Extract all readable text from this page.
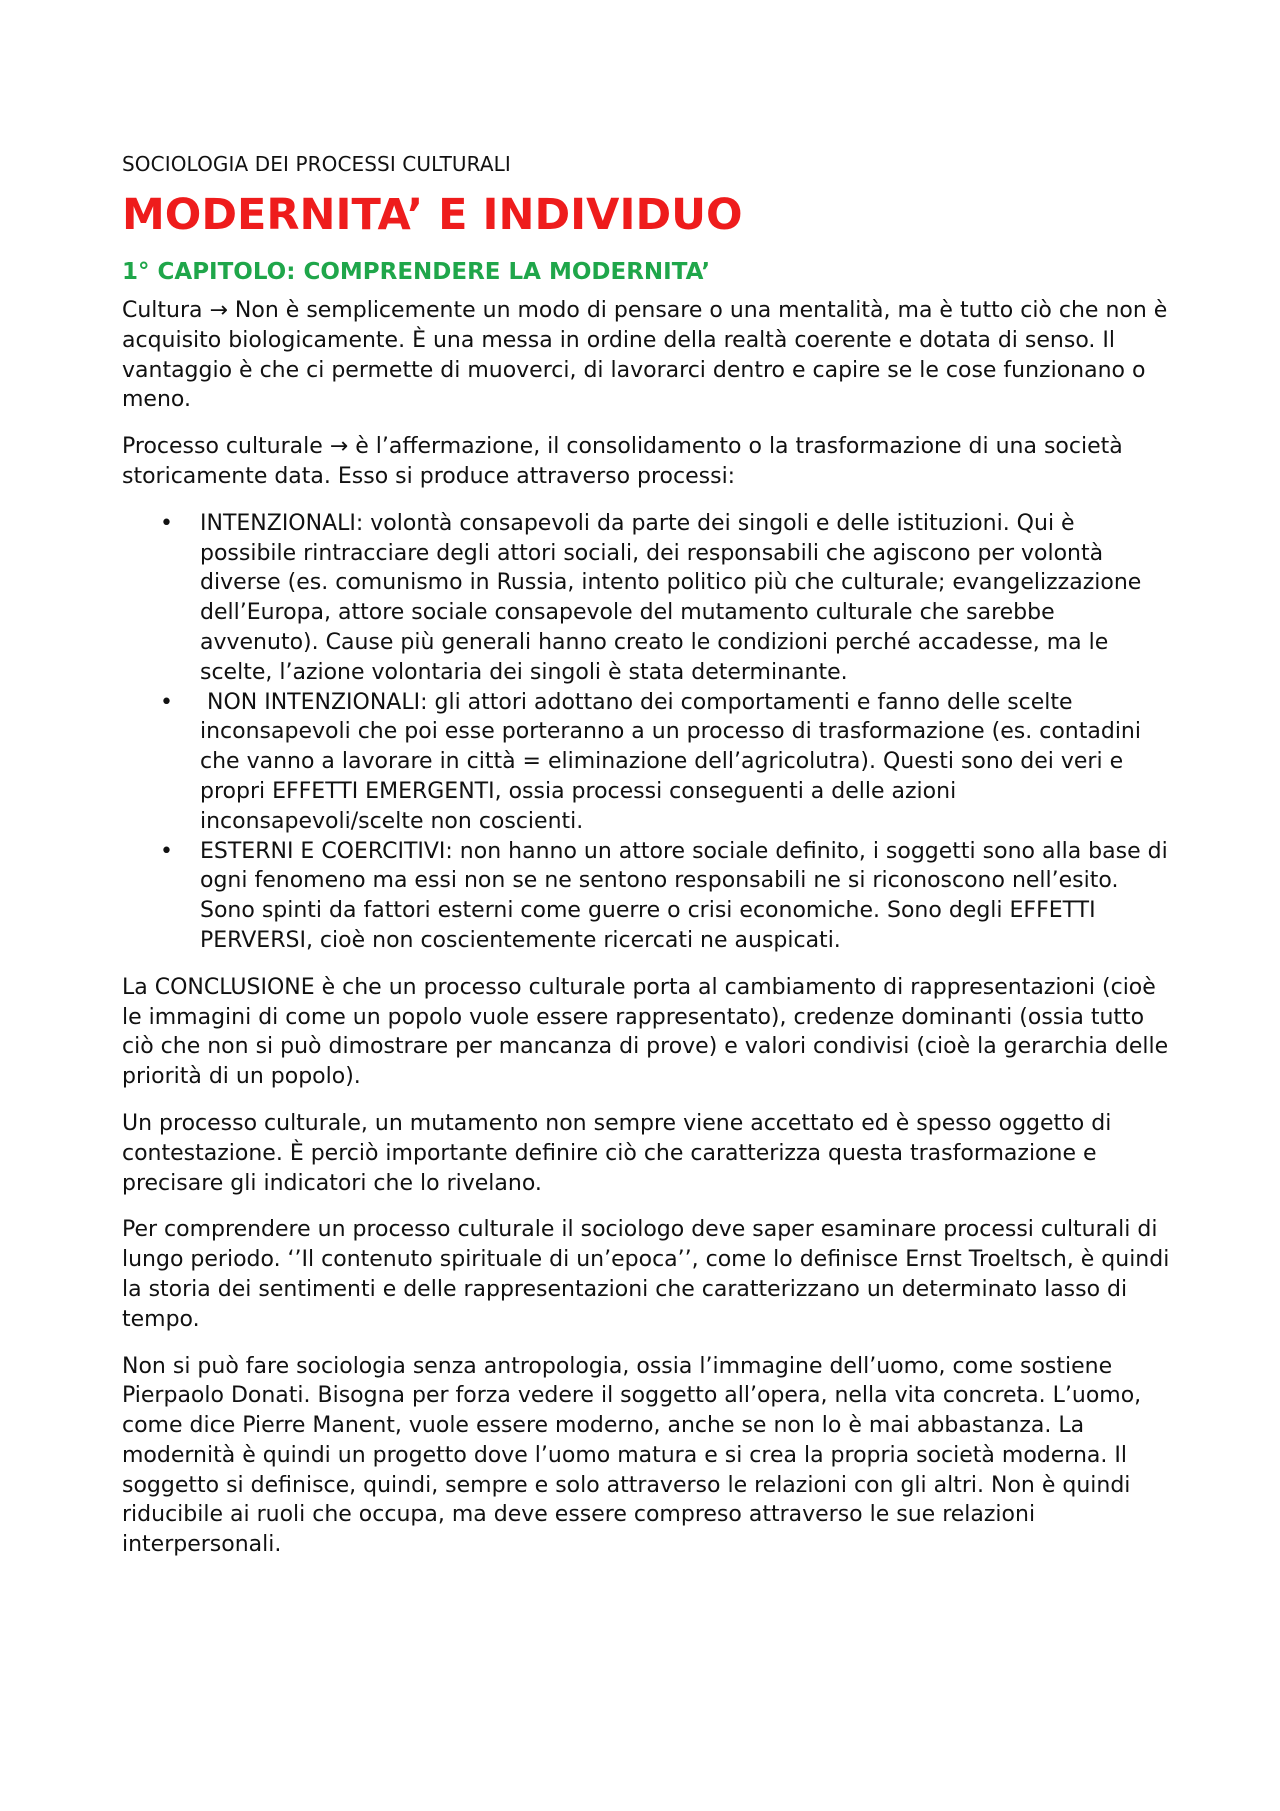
SOCIOLOGIA DEI PROCESSI CULTURALI
MODERNITA’ E INDIVIDUO
1° CAPITOLO: COMPRENDERE LA MODERNITA’

Cultura → Non è semplicemente un modo di pensare o una mentalità, ma è tutto ciò che non è acquisito biologicamente. È una messa in ordine della realtà coerente e dotata di senso. Il vantaggio è che ci permette di muoverci, di lavorarci dentro e capire se le cose funzionano o meno.

Processo culturale → è l’affermazione, il consolidamento o la trasformazione di una società storicamente data. Esso si produce attraverso processi:

•	INTENZIONALI: volontà consapevoli da parte dei singoli e delle istituzioni. Qui è possibile rintracciare degli attori sociali, dei responsabili che agiscono per volontà diverse (es. comunismo in Russia, intento politico più che culturale; evangelizzazione dell’Europa, attore sociale consapevole del mutamento culturale che sarebbe avvenuto). Cause più generali hanno creato le condizioni perché accadesse, ma le scelte, l’azione volontaria dei singoli è stata determinante.
•	NON INTENZIONALI: gli attori adottano dei comportamenti e fanno delle scelte inconsapevoli che poi esse porteranno a un processo di trasformazione (es. contadini che vanno a lavorare in città = eliminazione dell’agricolutra). Questi sono dei veri e propri EFFETTI EMERGENTI, ossia processi conseguenti a delle azioni inconsapevoli/scelte non coscienti.
•	ESTERNI E COERCITIVI: non hanno un attore sociale definito, i soggetti sono alla base di ogni fenomeno ma essi non se ne sentono responsabili ne si riconoscono nell’esito. Sono spinti da fattori esterni come guerre o crisi economiche. Sono degli EFFETTI PERVERSI, cioè non coscientemente ricercati ne auspicati.

La CONCLUSIONE è che un processo culturale porta al cambiamento di rappresentazioni (cioè le immagini di come un popolo vuole essere rappresentato), credenze dominanti (ossia tutto ciò che non si può dimostrare per mancanza di prove) e valori condivisi (cioè la gerarchia delle priorità di un popolo).

Un processo culturale, un mutamento non sempre viene accettato ed è spesso oggetto di contestazione. È perciò importante definire ciò che caratterizza questa trasformazione e precisare gli indicatori che lo rivelano.

Per comprendere un processo culturale il sociologo deve saper esaminare processi culturali di lungo periodo. ‘’Il contenuto spirituale di un’epoca’’, come lo definisce Ernst Troeltsch, è quindi la storia dei sentimenti e delle rappresentazioni che caratterizzano un determinato lasso di tempo.

Non si può fare sociologia senza antropologia, ossia l’immagine dell’uomo, come sostiene Pierpaolo Donati. Bisogna per forza vedere il soggetto all’opera, nella vita concreta. L’uomo, come dice Pierre Manent, vuole essere moderno, anche se non lo è mai abbastanza. La modernità è quindi un progetto dove l’uomo matura e si crea la propria società moderna. Il soggetto si definisce, quindi, sempre e solo attraverso le relazioni con gli altri. Non è quindi riducibile ai ruoli che occupa, ma deve essere compreso attraverso le sue relazioni interpersonali.
